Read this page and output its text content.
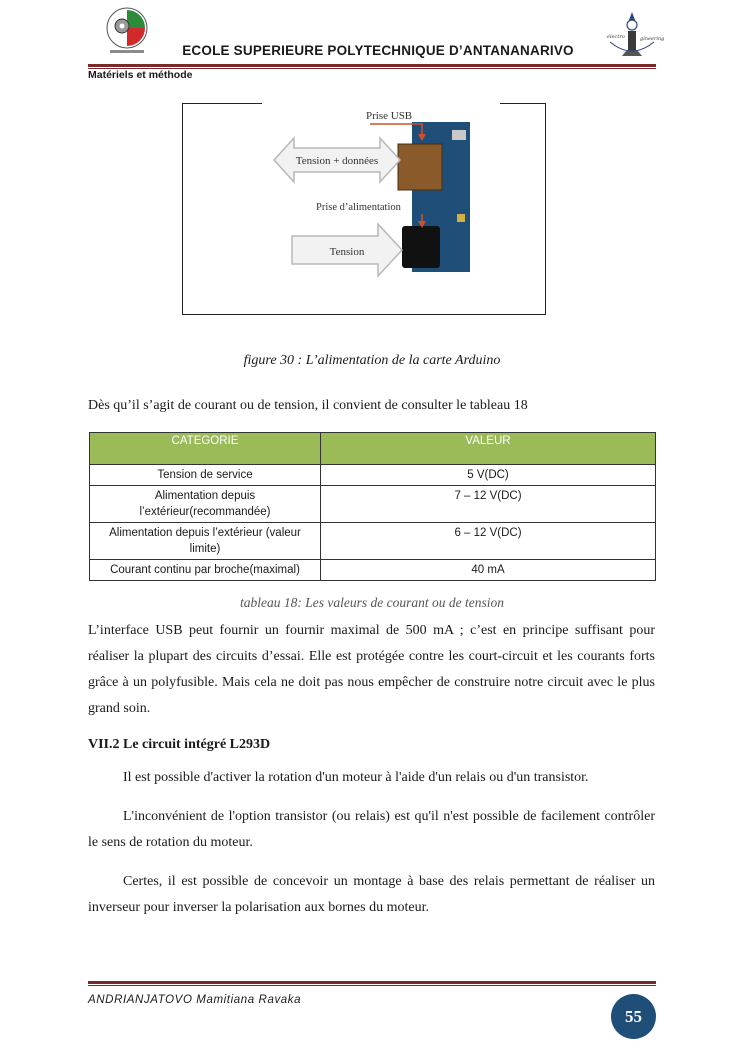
ECOLE SUPERIEURE POLYTECHNIQUE D’ANTANANARIVO
électro	gineering
Matériels et méthode
Prise USB
Prise d’alimentation
Tension + données
Tension
figure 30 : L’alimentation de la carte Arduino
Dès qu’il s’agit de courant ou de tension, il convient de consulter le tableau 18
CATEGORIE	VALEUR
Tension de service	5 V(DC)
Alimentation depuis l’extérieur(recommandée)	7 – 12 V(DC)
Alimentation depuis l’extérieur (valeur limite)	6 – 12 V(DC)
Courant continu par broche(maximal)	40 mA
tableau 18: Les valeurs de courant ou de tension
L’interface USB peut fournir un fournir maximal de 500 mA ; c’est en principe suffisant pour réaliser la plupart des circuits d’essai. Elle est protégée contre les court-circuit et les courants forts grâce à un polyfusible. Mais cela ne doit pas nous empêcher de construire notre circuit avec le plus grand soin.
VII.2 Le circuit intégré L293D
Il est possible d'activer la rotation d'un moteur à l'aide d'un relais ou d'un transistor.
L'inconvénient de l'option transistor (ou relais) est qu'il n'est possible de facilement contrôler le sens de rotation du moteur.
Certes, il est possible de concevoir un montage à base des relais permettant de réaliser un inverseur pour inverser la polarisation aux bornes du moteur.
ANDRIANJATOVO Mamitiana Ravaka
55
